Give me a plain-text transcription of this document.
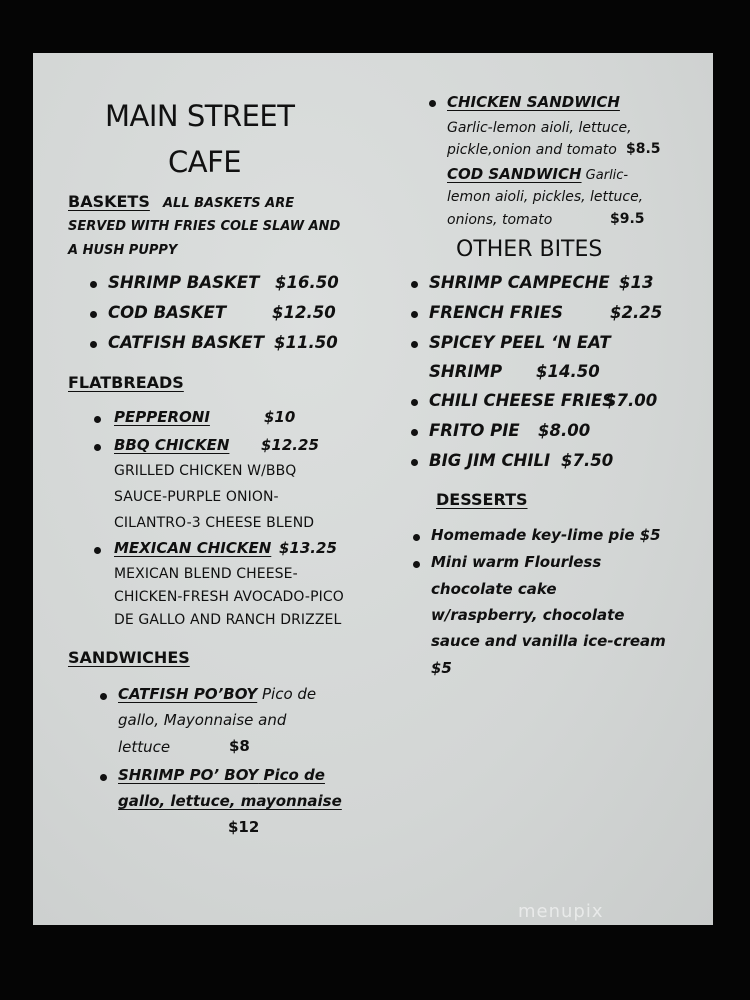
MAIN STREET
CAFE
BASKETS ALL BASKETS ARE
SERVED WITH FRIES COLE SLAW AND
A HUSH PUPPY
SHRIMP BASKET $16.50
COD BASKET	$12.50
CATFISH BASKET $11.50
FLATBREADS
PEPPERONI	$10
BBQ CHICKEN $12.25
GRILLED CHICKEN W/BBQ
SAUCE-PURPLE ONION-
CILANTRO-3 CHEESE BLEND
MEXICAN CHICKEN $13.25
MEXICAN BLEND CHEESE-
CHICKEN-FRESH AVOCADO-PICO
DE GALLO AND RANCH DRIZZEL
SANDWICHES
CATFISH PO’BOY Pico de
gallo, Mayonnaise and
lettuce	$8
SHRIMP PO’ BOY Pico de
gallo, lettuce, mayonnaise
$12
CHICKEN SANDWICH
Garlic-lemon aioli, lettuce,
pickle,onion and tomato $8.5
COD SANDWICH Garlic-
lemon aioli, pickles, lettuce,
onions, tomato	$9.5
OTHER BITES
SHRIMP CAMPECHE $13
FRENCH FRIES	$2.25
SPICEY PEEL ‘N EAT
SHRIMP $14.50
CHILI CHEESE FRIES
$7.00
FRITO PIE $8.00
BIG JIM CHILI $7.50
DESSERTS
Homemade key-lime pie $5
Mini warm Flourless
chocolate cake
w/raspberry, chocolate
sauce and vanilla ice-cream
$5
menupix
